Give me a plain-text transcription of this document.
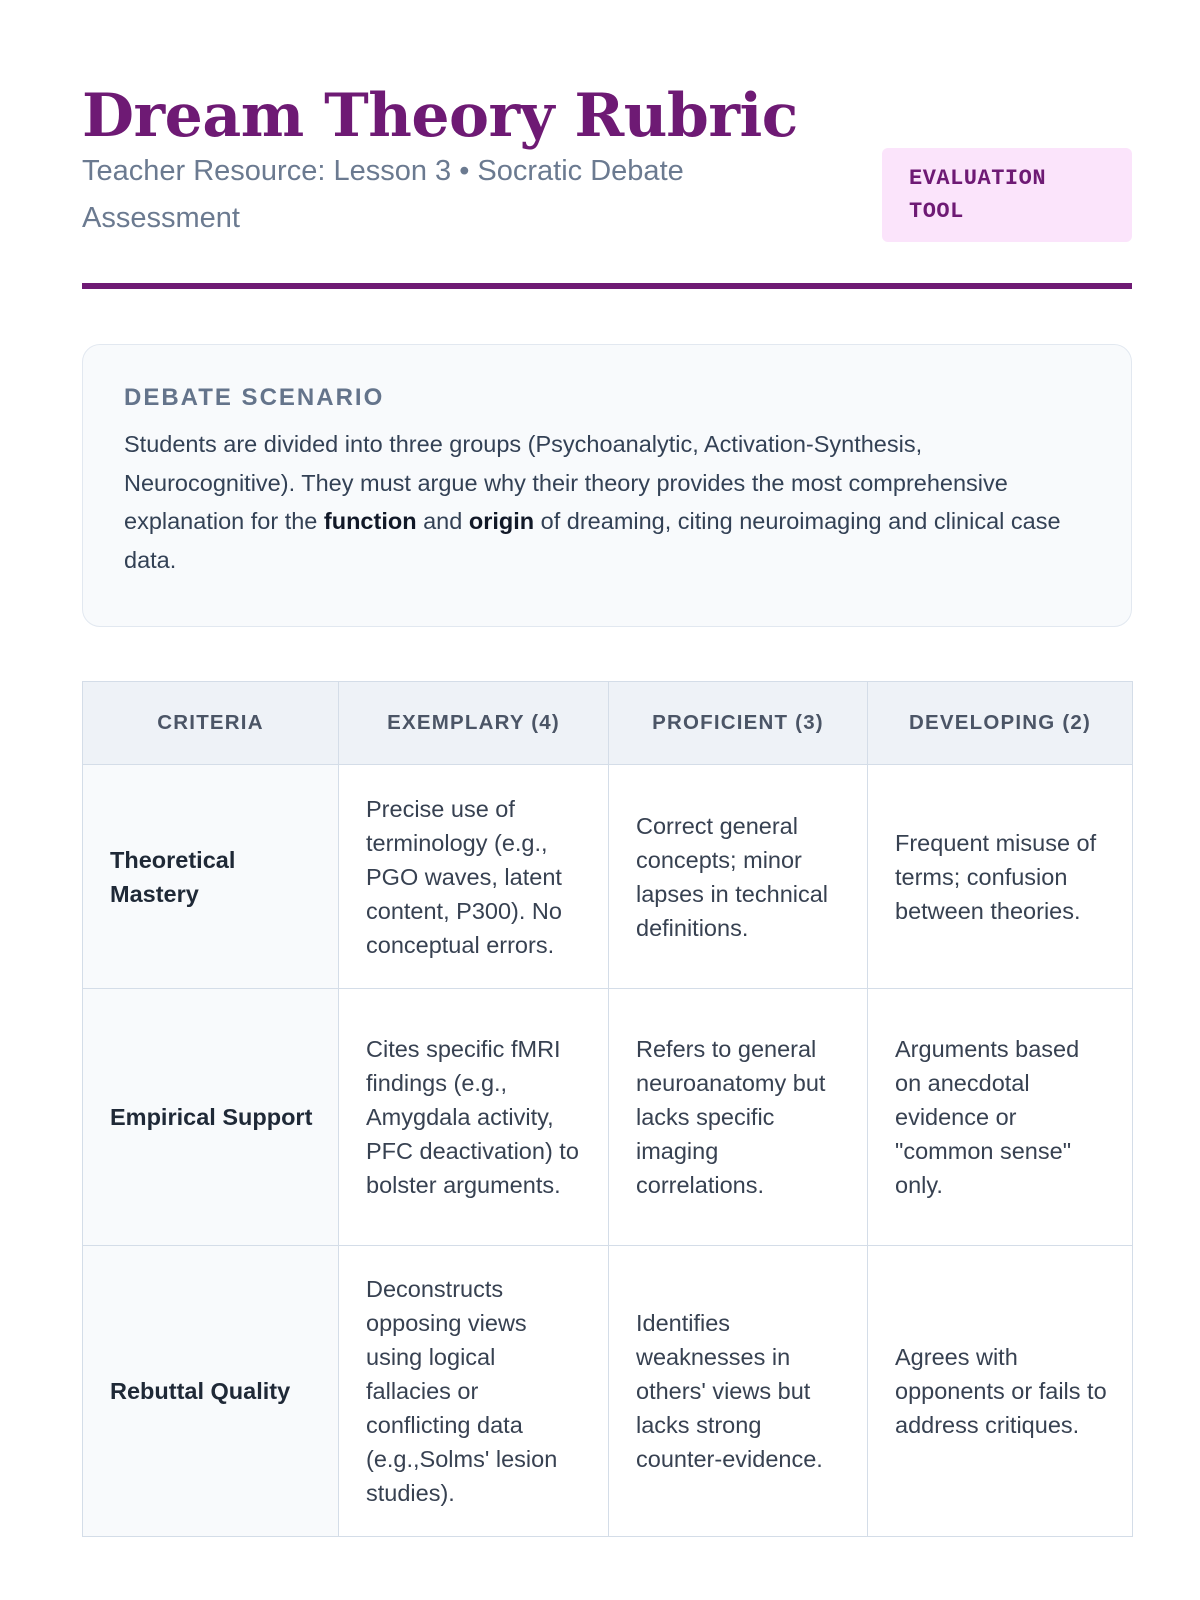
Dream Theory Rubric

Teacher Resource: Lesson 3 • Socratic Debate Assessment

EVALUATION TOOL
DEBATE SCENARIO

Students are divided into three groups (Psychoanalytic, Activation-Synthesis, Neurocognitive). They must argue why their theory provides the most comprehensive explanation for the function and origin of dreaming, citing neuroimaging and clinical case data.

CRITERIA	EXEMPLARY (4)	PROFICIENT (3)	DEVELOPING (2)
Theoretical Mastery	Precise use of terminology (e.g., PGO waves, latent content, P300). No conceptual errors.	Correct general concepts; minor lapses in technical definitions.	Frequent misuse of terms; confusion between theories.
Empirical Support	Cites specific fMRI findings (e.g., Amygdala activity, PFC deactivation) to bolster arguments.	Refers to general neuroanatomy but lacks specific imaging correlations.	Arguments based on anecdotal evidence or "common sense" only.
Rebuttal Quality	Deconstructs opposing views using logical fallacies or conflicting data (e.g.,Solms' lesion studies).	Identifies weaknesses in others' views but lacks strong counter-evidence.	Agrees with opponents or fails to address critiques.
